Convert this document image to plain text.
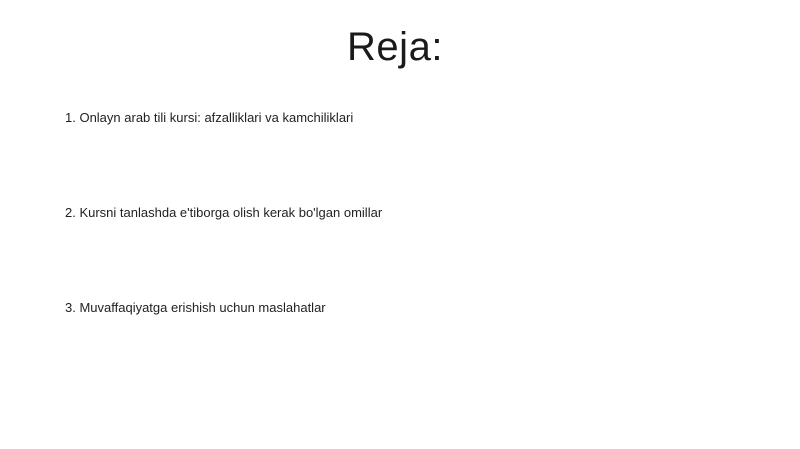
Reja:
1. Onlayn arab tili kursi: afzalliklari va kamchiliklari
2. Kursni tanlashda e'tiborga olish kerak bo'lgan omillar
3. Muvaffaqiyatga erishish uchun maslahatlar
